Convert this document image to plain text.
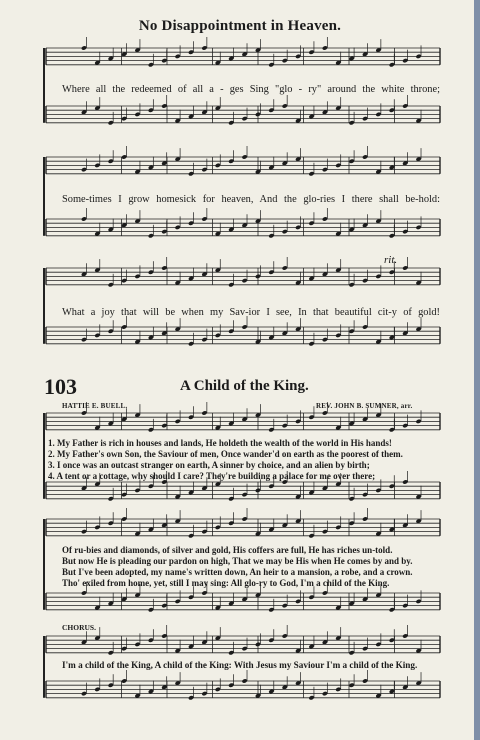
No Disappointment in Heaven.
Where all the redeemed of all a - ges Sing "glo - ry" around the white throne;
Some-times I grow homesick for heaven, And the glo-ries I there shall be-hold:
What a joy that will be when my Sav-ior I see, In that beautiful cit-y of gold!
rit.
103	A Child of the King.
HATTIE E. BUELL.	REV. JOHN B. SUMNER, arr.
1. My Father is rich in houses and lands, He holdeth the wealth of the world in His hands!
2. My Father's own Son, the Saviour of men, Once wander'd on earth as the poorest of them.
3. I once was an outcast stranger on earth, A sinner by choice, and an alien by birth;
4. A tent or a cottage, why should I care? They're building a palace for me over there;
Of ru-bies and diamonds, of silver and gold, His coffers are full, He has riches un-told.
But now He is pleading our pardon on high, That we may be His when He comes by and by.
But I've been adopted, my name's written down, An heir to a mansion, a robe, and a crown.
Tho' exiled from home, yet, still I may sing: All glo-ry to God, I'm a child of the King.
CHORUS.
I'm a child of the King, A child of the King: With Jesus my Saviour I'm a child of the King.
